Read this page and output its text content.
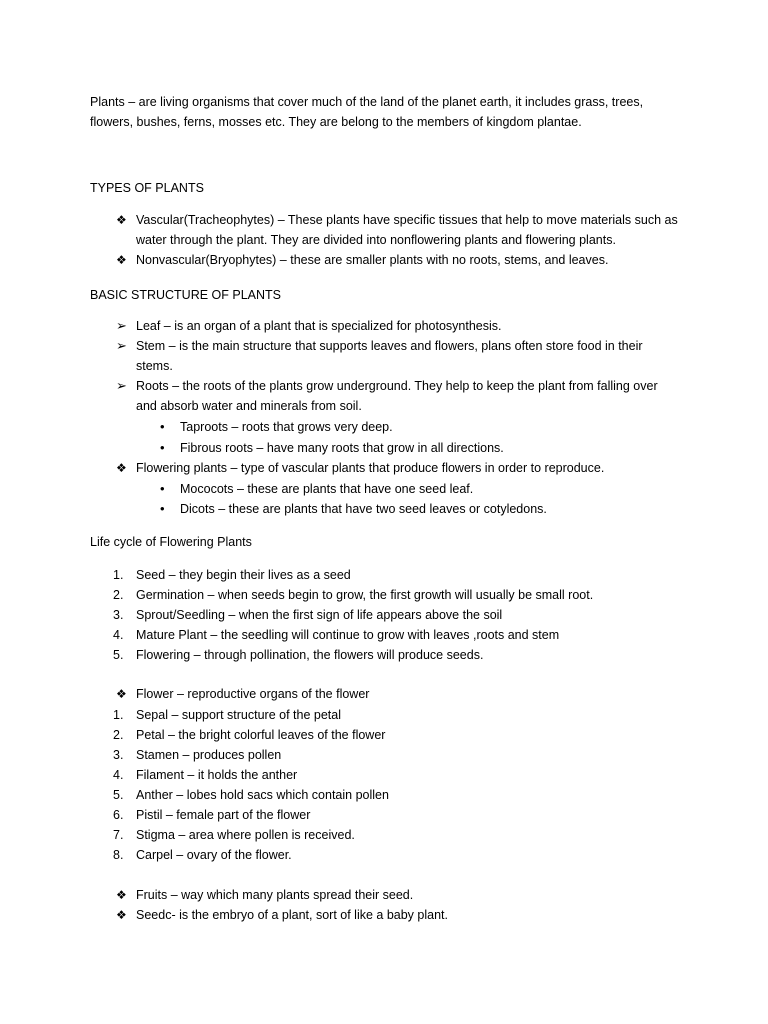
Plants – are living organisms that cover much of the land of the planet earth, it includes grass, trees,
flowers, bushes, ferns, mosses etc. They are belong to the members of kingdom plantae.
TYPES OF PLANTS
❖ Vascular(Tracheophytes) – These plants have specific tissues that help to move materials such as
water through the plant. They are divided into nonflowering plants and flowering plants.
❖ Nonvascular(Bryophytes) – these are smaller plants with no roots, stems, and leaves.
BASIC STRUCTURE OF PLANTS
➢ Leaf – is an organ of a plant that is specialized for photosynthesis.
➢ Stem – is the main structure that supports leaves and flowers, plans often store food in their
stems.
➢ Roots – the roots of the plants grow underground. They help to keep the plant from falling over
and absorb water and minerals from soil.
• Taproots – roots that grows very deep.
• Fibrous roots – have many roots that grow in all directions.
❖ Flowering plants – type of vascular plants that produce flowers in order to reproduce.
• Mococots – these are plants that have one seed leaf.
• Dicots – these are plants that have two seed leaves or cotyledons.
Life cycle of Flowering Plants
1. Seed – they begin their lives as a seed
2. Germination – when seeds begin to grow, the first growth will usually be small root.
3. Sprout/Seedling – when the first sign of life appears above the soil
4. Mature Plant – the seedling will continue to grow with leaves ,roots and stem
5. Flowering – through pollination, the flowers will produce seeds.
❖ Flower – reproductive organs of the flower
1. Sepal – support structure of the petal
2. Petal – the bright colorful leaves of the flower
3. Stamen – produces pollen
4. Filament – it holds the anther
5. Anther – lobes hold sacs which contain pollen
6. Pistil – female part of the flower
7. Stigma – area where pollen is received.
8. Carpel – ovary of the flower.
❖ Fruits – way which many plants spread their seed.
❖ Seedc- is the embryo of a plant, sort of like a baby plant.
